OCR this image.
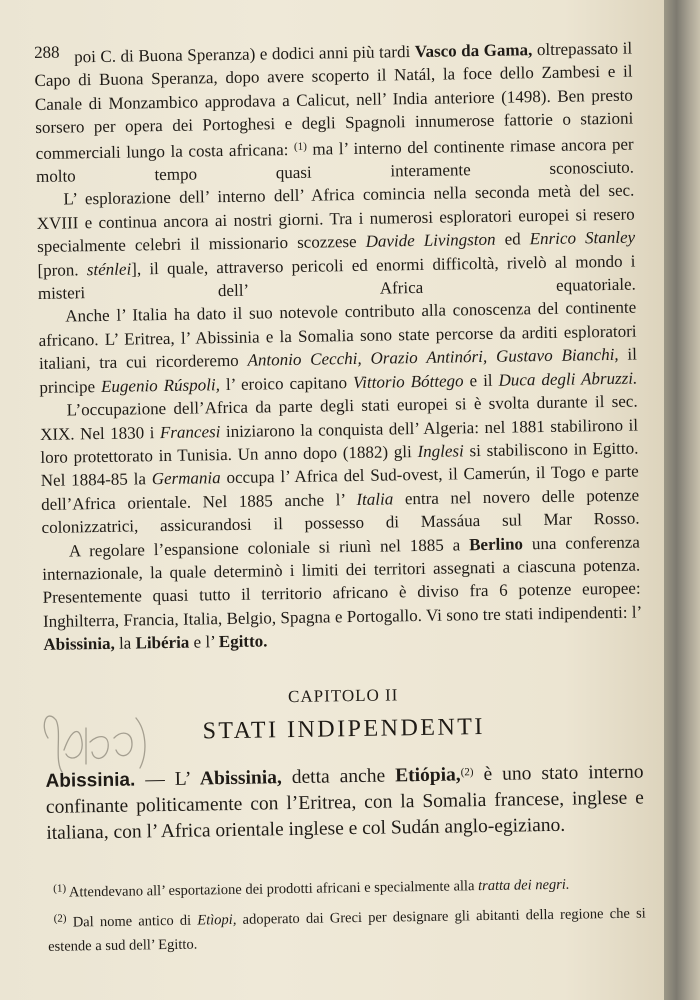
288 poi C. di Buona Speranza) e dodici anni più tardi Vasco da Gama, oltrepassato il Capo di Buona Speranza, dopo avere scoperto il Natál, la foce dello Zambesi e il Canale di Monzambico approdava a Calicut, nell’ India anteriore (1498). Ben presto sorsero per opera dei Portoghesi e degli Spagnoli innumerose fattorie o stazioni commerciali lungo la costa africana: $^{(1)}$ ma l’ interno del continente rimase ancora per molto tempo quasi interamente sconosciuto.

L’ esplorazione dell’ interno dell’ Africa comincia nella seconda metà del sec. XVIII e continua ancora ai nostri giorni. Tra i numerosi esploratori europei si resero specialmente celebri il missionario scozzese Davide Livingston ed Enrico Stanley [pron. sténlei], il quale, attraverso pericoli ed enormi difficoltà, rivelò al mondo i misteri dell’ Africa equatoriale.

Anche l’ Italia ha dato il suo notevole contributo alla conoscenza del continente africano. L’ Eritrea, l’ Abissinia e la Somalia sono state percorse da arditi esploratori italiani, tra cui ricorderemo Antonio Cecchi, Orazio Antinóri, Gustavo Bianchi, il principe Eugenio Rúspoli, l’ eroico capitano Vittorio Bóttego e il Duca degli Abruzzi.

L’occupazione dell’Africa da parte degli stati europei si è svolta durante il sec. XIX. Nel 1830 i Francesi iniziarono la conquista dell’ Algeria: nel 1881 stabilirono il loro protettorato in Tunisia. Un anno dopo (1882) gli Inglesi si stabiliscono in Egitto. Nel 1884-85 la Germania occupa l’ Africa del Sud-ovest, il Camerún, il Togo e parte dell’Africa orientale. Nel 1885 anche l’ Italia entra nel novero delle potenze colonizzatrici, assicurandosi il possesso di Massáua sul Mar Rosso.

A regolare l’espansione coloniale si riunì nel 1885 a Berlino una conferenza internazionale, la quale determinò i limiti dei territori assegnati a ciascuna potenza. Presentemente quasi tutto il territorio africano è diviso fra 6 potenze europee: Inghilterra, Francia, Italia, Belgio, Spagna e Portogallo. Vi sono tre stati indipendenti: l’ Abissinia, la Libéria e l’ Egitto.

CAPITOLO II
STATI INDIPENDENTI

Abissinia. — L’ Abissinia, detta anche Etiópia,$^{(2)}$ è uno stato interno confinante politicamente con l’Eritrea, con la Somalia francese, inglese e italiana, con l’ Africa orientale inglese e col Sudán anglo-egiziano.

$^{(1)}$ Attendevano all’ esportazione dei prodotti africani e specialmente alla tratta dei negri.

$^{(2)}$ Dal nome antico di Etìopi, adoperato dai Greci per designare gli abitanti della regione che si estende a sud dell’ Egitto.
